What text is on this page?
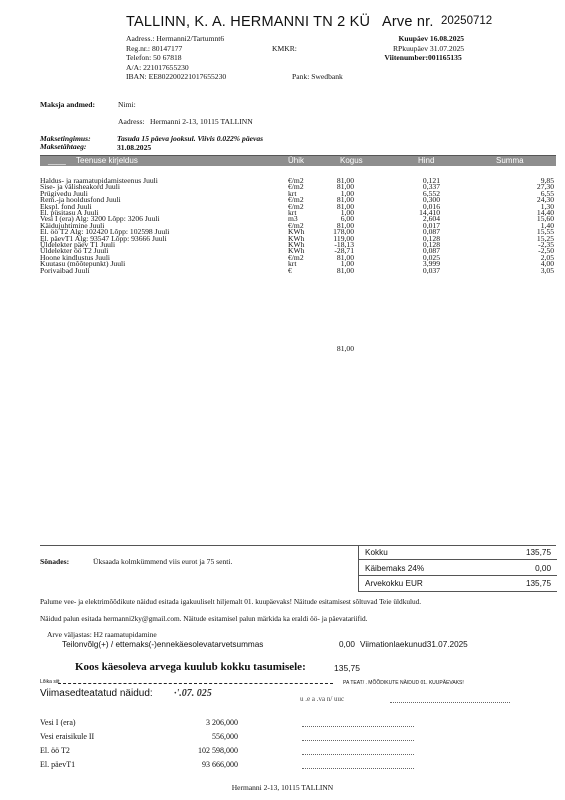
TALLINN, K. A. HERMANNI TN 2 KÜ Arve nr. 20250712
Aadress.: Hermanni2/Tartumnt6
Reg.nr.: 80147177
Telefon: 50 67818
A/A: 221017655230
IBAN: EE802200221017655230
KMKR:
Pank: Swedbank
Kuupäev 16.08.2025
RPkuupäev 31.07.2025
Viitenumber:001165135
Maksja andmed:	Nimi:
Aadress: Hermanni 2-13, 10115 TALLINN
Maksetingimus:	Tasuda 15 päeva jooksul. Viivis 0.022% päevas
Maksetähtaeg:	31.08.2025
____ Teenuse kirjeldus	Ühik	Kogus	Hind	Summa
Haldus- ja raamatupidamisteenus Juuli	€/m2	81,00	0,121	9,85
Sise- ja välisheakord Juuli	€/m2	81,00	0,337	27,30
Prügivedu Juuli	krt	1,00	6,552	6,55
Rem.-ja hooldusfond Juuli	€/m2	81,00	0,300	24,30
Ekspl. fond Juuli	€/m2	81,00	0,016	1,30
El. püsitasu A Juuli	krt	1,00	14,410	14,40
Vesi I (era) Alg: 3200 Lõpp: 3206 Juuli	m3	6,00	2,604	15,60
Käidujuhtimine Juuli	€/m2	81,00	0,017	1,40
El. öö T2 Alg: 102420 Lõpp: 102598 Juuli	KWh	178,00	0,087	15,55
El. päevT1 Alg: 93547 Lõpp: 93666 Juuli	KWh	119,00	0,128	15,25
Üldelekter päev T1 Juuli	KWh	-18,13	0,128	-2,35
Üldelekter öö T2 Juuli	KWh	-28,71	0,087	-2,50
Hoone kindlustus Juuli	€/m2	81,00	0,025	2,05
Kuutasu (mõõtepunkt) Juuli	krt	1,00	3,999	4,00
Porivaibad Juuli	€	81,00	0,037	3,05
81,00
Sõnades:	Üksaada kolmkümmend viis eurot ja 75 senti.
Kokku	135,75
Käibemaks 24%	0,00
Arvekokku EUR	135,75
Palume vee- ja elektrimõõdikute näidud esitada igakuuliselt hiljemalt 01. kuupäevaks! Näitude esitamisest sõltuvad Teie üldkulud.
Näidud palun esitada hermanni2ky@gmail.com. Näitude esitamisel palun märkida ka eraldi öö- ja päevatariifid.
Arve väljastas: H2 raamatupidamine
Teilonvõlg(+) / ettemaks(-)ennekäesolevatarvetsummas	0,00 Viimationlaekunud31.07.2025
Koos käesoleva arvega kuulub kokku tasumisele:	135,75
Lõika siit	PA TEAT/ . MÕÕDIKUTE NÄIDUD 01. KUUPÄEVAKS!
Viimasedteatatud näidud: ·'.07. 025	u .e a .va n/ uuc
Vesi I (era)	3 206,000
Vesi eraisikule II	556,000
El. öö T2	102 598,000
El. päevT1	93 666,000
Hermanni 2-13, 10115 TALLINN
